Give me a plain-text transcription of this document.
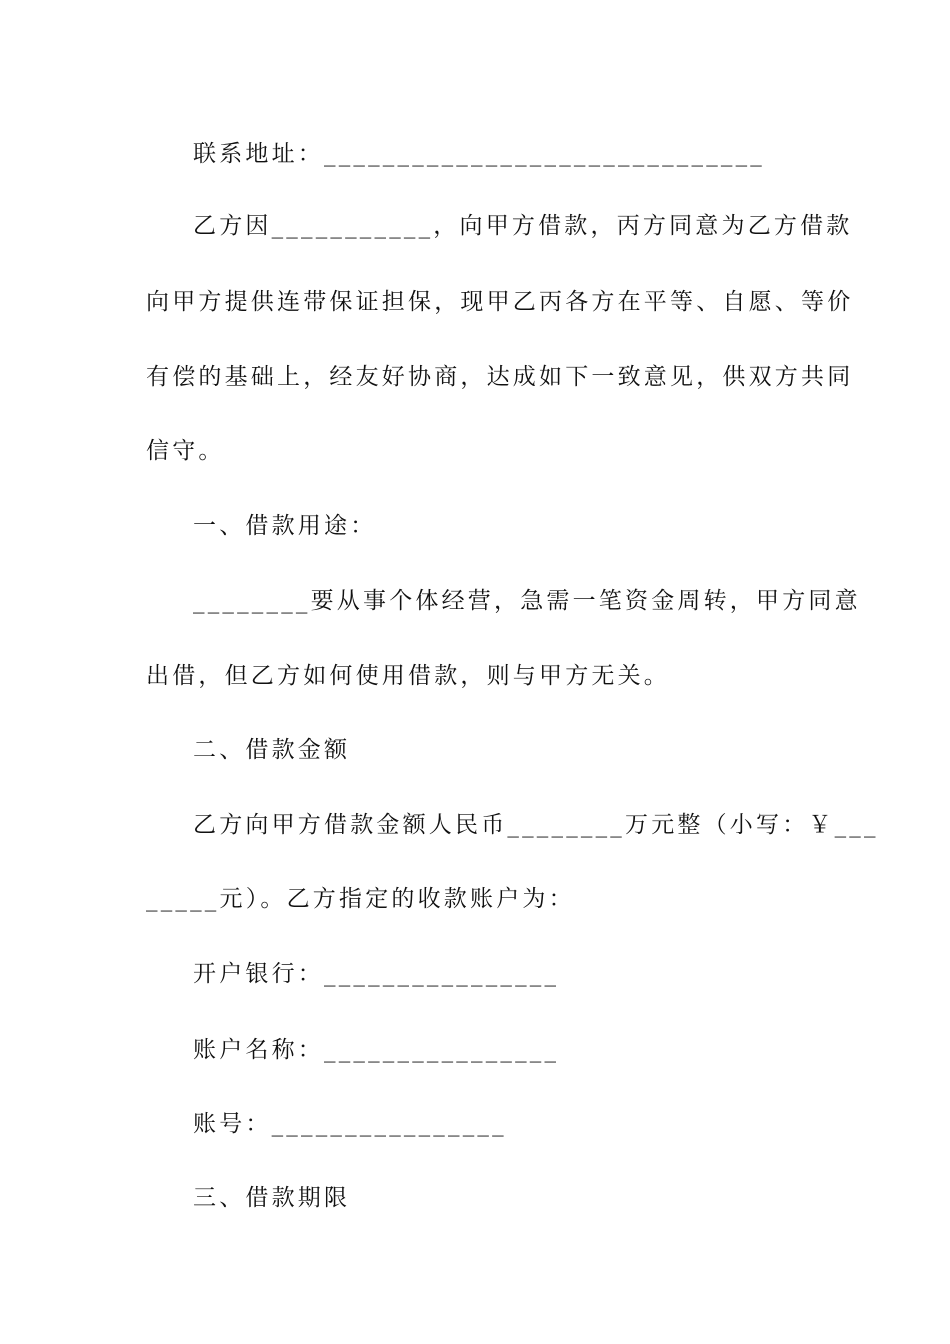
联系地址：______________________________
乙方因___________，向甲方借款，丙方同意为乙方借款
向甲方提供连带保证担保，现甲乙丙各方在平等、自愿、等价
有偿的基础上，经友好协商，达成如下一致意见，供双方共同
信守。
一、借款用途：
________要从事个体经营，急需一笔资金周转，甲方同意
出借，但乙方如何使用借款，则与甲方无关。
二、借款金额
乙方向甲方借款金额人民币________万元整（小写：￥___
_____元）。乙方指定的收款账户为：
开户银行：________________
账户名称：________________
账号：________________
三、借款期限
